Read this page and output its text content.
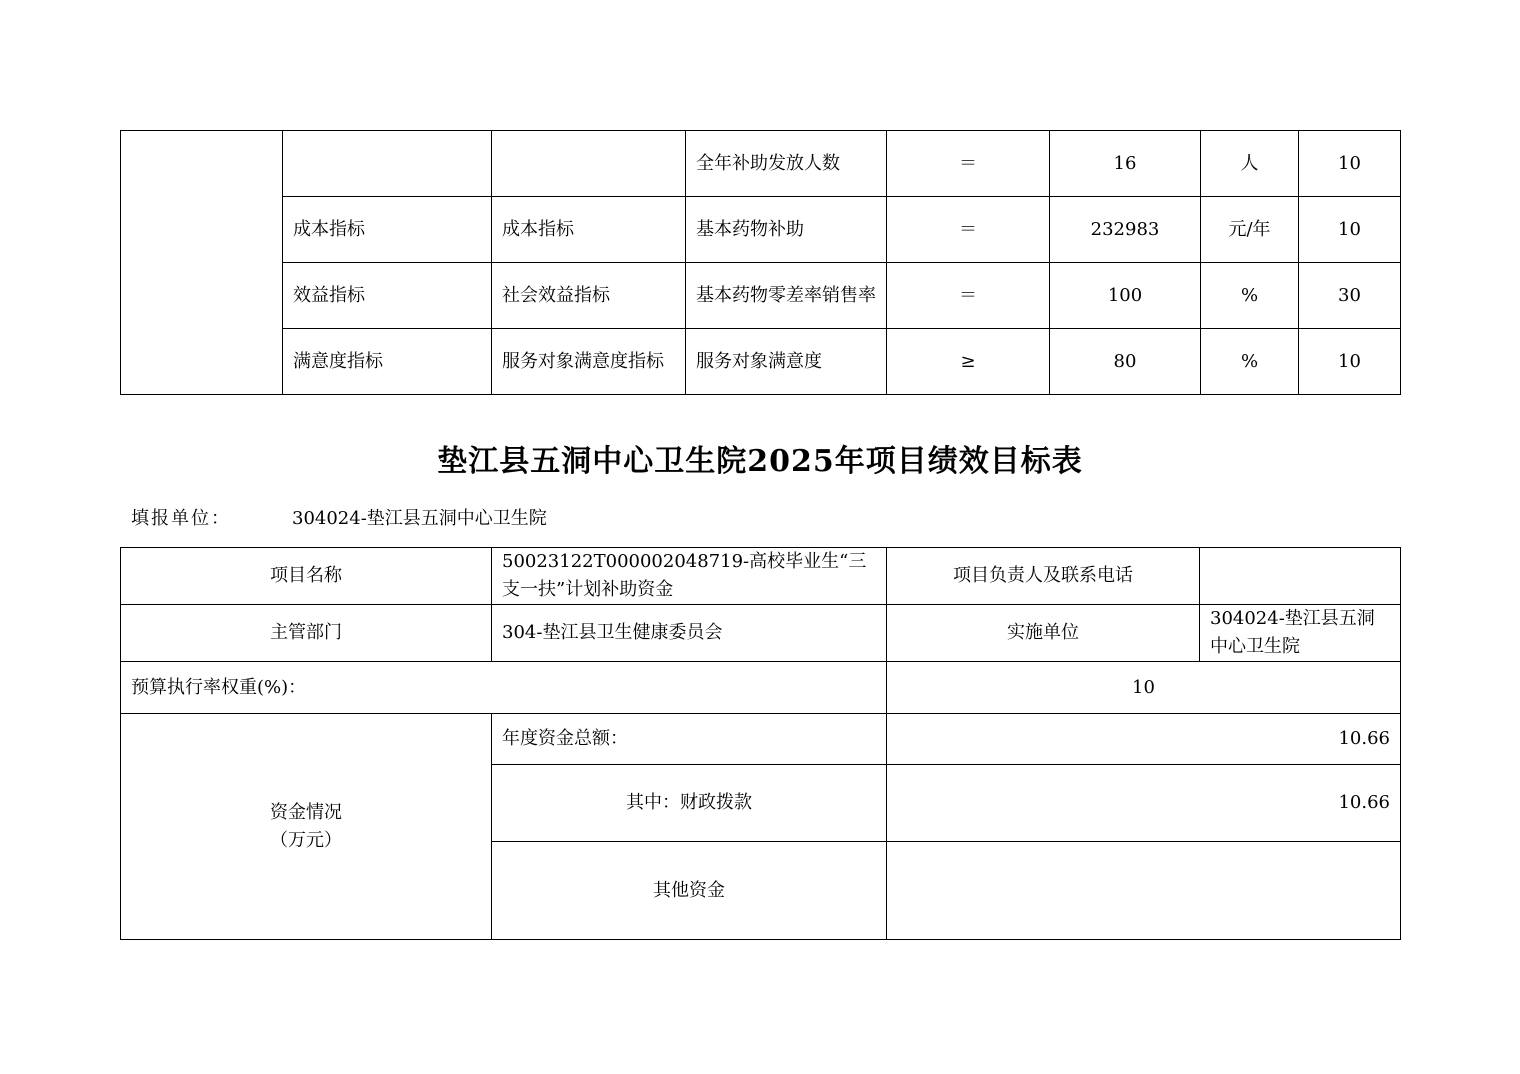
			全年补助发放人数	＝	16	人	10
	成本指标	成本指标	基本药物补助	＝	232983	元/年	10
	效益指标	社会效益指标	基本药物零差率销售率	＝	100	%	30
	满意度指标	服务对象满意度指标	服务对象满意度	≥	80	%	10
垫江县五洞中心卫生院2025年项目绩效目标表
填报单位：	304024-垫江县五洞中心卫生院
项目名称	50023122T000002048719-高校毕业生“三支一扶”计划补助资金	项目负责人及联系电话	
主管部门	304-垫江县卫生健康委员会	实施单位	304024-垫江县五洞中心卫生院
预算执行率权重(%)：		10	

资金情况
（万元）	年度资金总额：	10.66	
	其中：财政拨款	10.66	
	其他资金		
